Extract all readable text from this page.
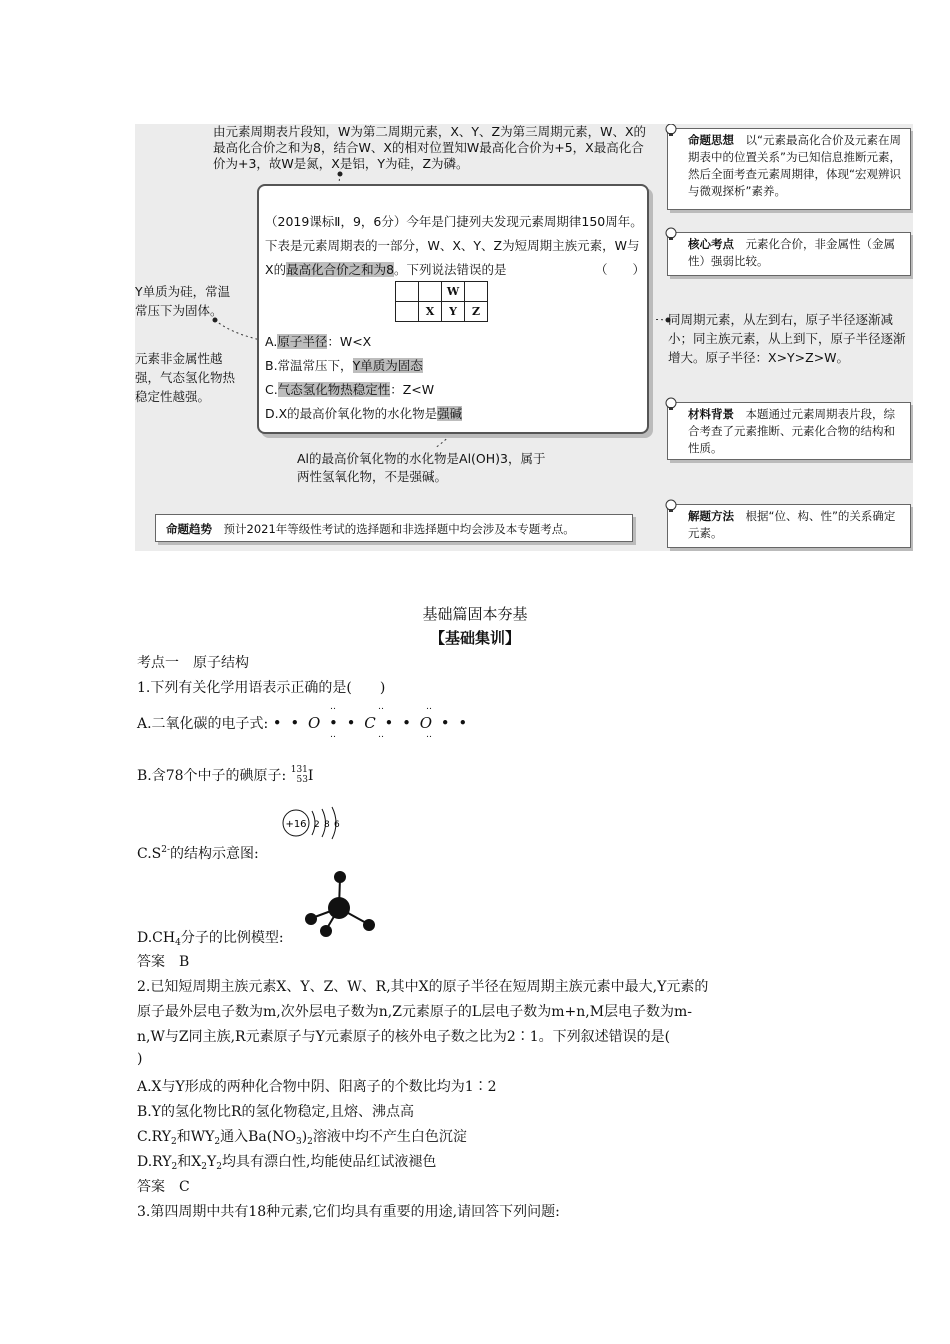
由元素周期表片段知，W为第二周期元素，X、Y、Z为第三周期元素，W、X的最高化合价之和为8，结合W、X的相对位置知W最高化合价为+5，X最高化合价为+3，故W是氮，X是铝，Y为硅，Z为磷。
Y单质为硅，常温常压下为固体。
元素非金属性越强，气态氢化物热稳定性越强。
Al的最高价氧化物的水化物是Al(OH)3，属于两性氢氧化物，不是强碱。
（2019课标Ⅱ，9，6分）今年是门捷列夫发现元素周期律150周年。下表是元素周期表的一部分，W、X、Y、Z为短周期主族元素，W与X的最高化合价之和为8。下列说法错误的是	（　　）
		W	
	X	Y	Z
A.原子半径：W<X
B.常温常压下，Y单质为固态
C.气态氢化物热稳定性：Z<W
D.X的最高价氧化物的水化物是强碱
命题思想　 以“元素最高化合价及元素在周期表中的位置关系”为已知信息推断元素，然后全面考查元素周期律，体现“宏观辨识与微观探析”素养。
核心考点　 元素化合价，非金属性（金属性）强弱比较。
同周期元素，从左到右，原子半径逐渐减小；同主族元素，从上到下，原子半径逐渐增大。原子半径：X>Y>Z>W。
材料背景　 本题通过元素周期表片段，综合考查了元素推断、元素化合物的结构和性质。
解题方法　 根据“位、构、性”的关系确定元素。
命题趋势　 预计2021年等级性考试的选择题和非选择题中均会涉及本专题考点。
基础篇固本夯基
【基础集训】
考点一　原子结构
1.下列有关化学用语表示正确的是(　　)
A.二氧化碳的电子式: • • O • • C • • O • •
‥‥‥
‥‥‥
B.含78个中子的碘原子: 131
53I
+16 2 8 6
$C.S^{2-}$的结构示意图:
$D.CH_4$分子的比例模型:
答案　B
2.已知短周期主族元素X、Y、Z、W、R,其中X的原子半径在短周期主族元素中最大,Y元素的
原子最外层电子数为m,次外层电子数为n,Z元素原子的L层电子数为m+n,M层电子数为m-
n,W与Z同主族,R元素原子与Y元素原子的核外电子数之比为2∶1。下列叙述错误的是(
)
A.X与Y形成的两种化合物中阴、阳离子的个数比均为1∶2
B.Y的氢化物比R的氢化物稳定,且熔、沸点高
$C.RY_2$和$WY_2$通入$Ba(NO_3)_2$溶液中均不产生白色沉淀
$D.RY_2$和$X_2Y_2$均具有漂白性,均能使品红试液褪色
答案　C
3.第四周期中共有18种元素,它们均具有重要的用途,请回答下列问题:
